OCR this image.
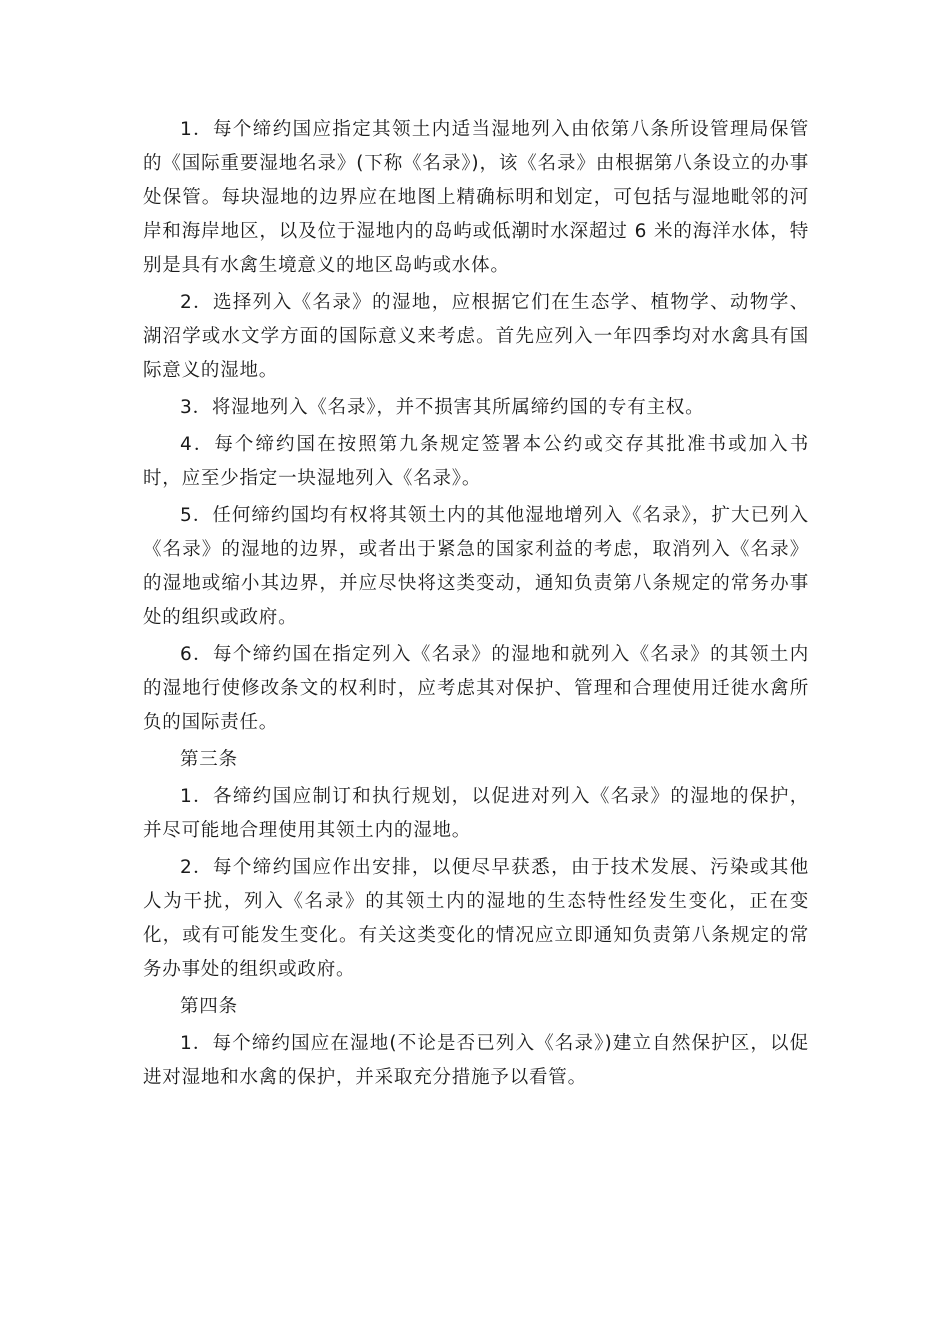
1．每个缔约国应指定其领土内适当湿地列入由依第八条所设管理局保管的《国际重要湿地名录》(下称《名录》)，该《名录》由根据第八条设立的办事处保管。每块湿地的边界应在地图上精确标明和划定，可包括与湿地毗邻的河岸和海岸地区，以及位于湿地内的岛屿或低潮时水深超过 6 米的海洋水体，特别是具有水禽生境意义的地区岛屿或水体。

2．选择列入《名录》的湿地，应根据它们在生态学、植物学、动物学、湖沼学或水文学方面的国际意义来考虑。首先应列入一年四季均对水禽具有国际意义的湿地。

3．将湿地列入《名录》，并不损害其所属缔约国的专有主权。

4．每个缔约国在按照第九条规定签署本公约或交存其批准书或加入书时，应至少指定一块湿地列入《名录》。

5．任何缔约国均有权将其领土内的其他湿地增列入《名录》，扩大已列入《名录》的湿地的边界，或者出于紧急的国家利益的考虑，取消列入《名录》的湿地或缩小其边界，并应尽快将这类变动，通知负责第八条规定的常务办事处的组织或政府。

6．每个缔约国在指定列入《名录》的湿地和就列入《名录》的其领土内的湿地行使修改条文的权利时，应考虑其对保护、管理和合理使用迁徙水禽所负的国际责任。

第三条

1．各缔约国应制订和执行规划，以促进对列入《名录》的湿地的保护，并尽可能地合理使用其领土内的湿地。

2．每个缔约国应作出安排，以便尽早获悉，由于技术发展、污染或其他人为干扰，列入《名录》的其领土内的湿地的生态特性经发生变化，正在变化，或有可能发生变化。有关这类变化的情况应立即通知负责第八条规定的常务办事处的组织或政府。

第四条

1．每个缔约国应在湿地(不论是否已列入《名录》)建立自然保护区，以促进对湿地和水禽的保护，并采取充分措施予以看管。
